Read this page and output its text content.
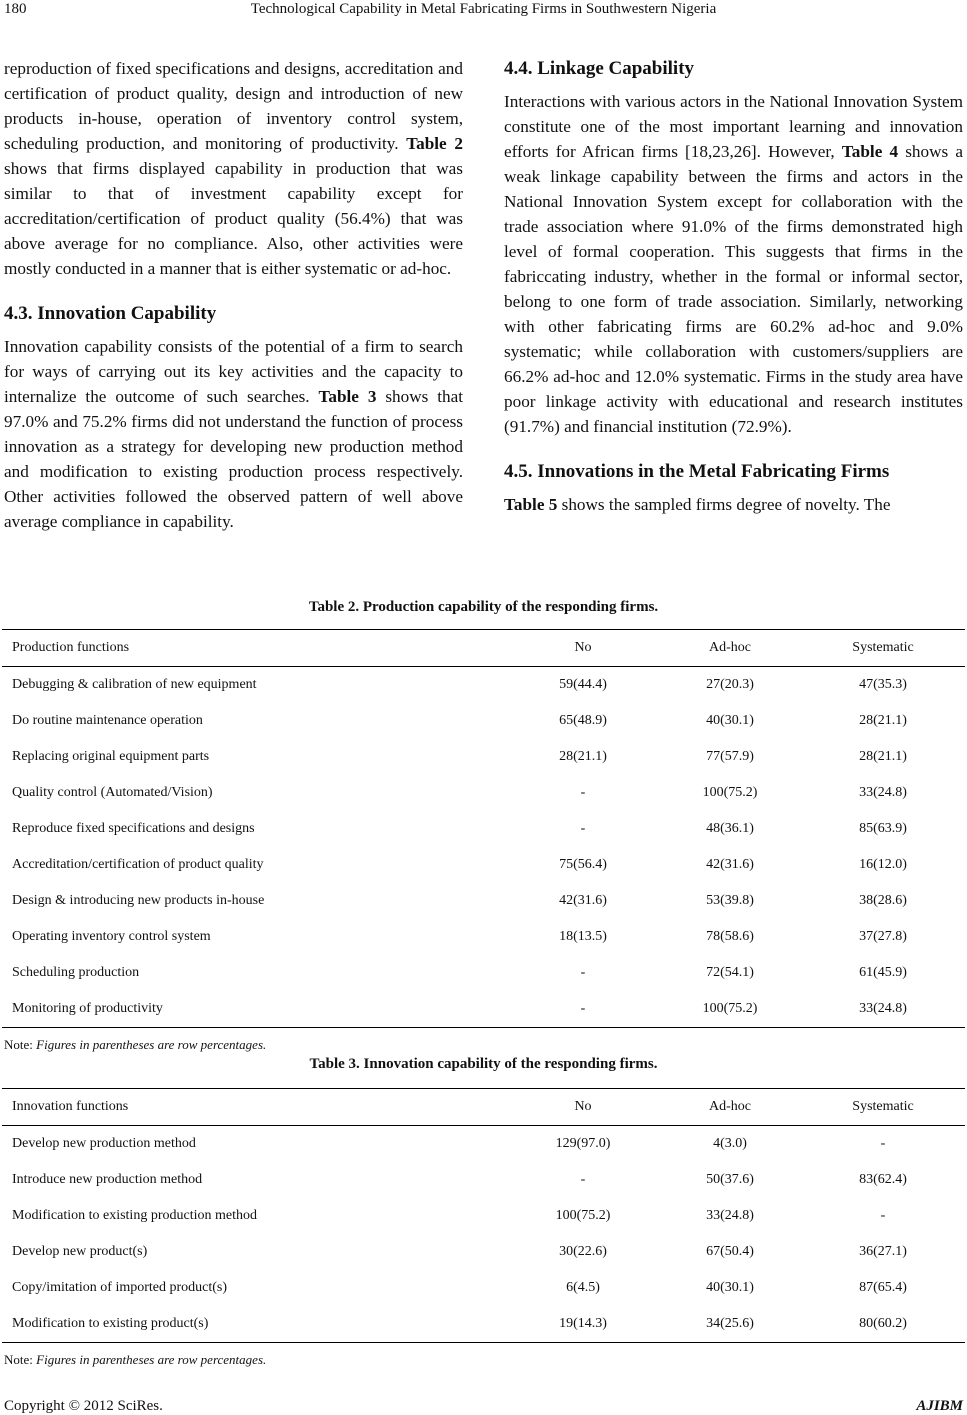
180	Technological Capability in Metal Fabricating Firms in Southwestern Nigeria

reproduction of fixed specifications and designs, accreditation and certification of product quality, design and introduction of new products in-house, operation of inventory control system, scheduling production, and monitoring of productivity. Table 2 shows that firms displayed capability in production that was similar to that of investment capability except for accreditation/certification of product quality (56.4%) that was above average for no compliance. Also, other activities were mostly conducted in a manner that is either systematic or ad-hoc.

4.3. Innovation Capability

Innovation capability consists of the potential of a firm to search for ways of carrying out its key activities and the capacity to internalize the outcome of such searches. Table 3 shows that 97.0% and 75.2% firms did not understand the function of process innovation as a strategy for developing new production method and modification to existing production process respectively. Other activities followed the observed pattern of well above average compliance in capability.

4.4. Linkage Capability

Interactions with various actors in the National Innovation System constitute one of the most important learning and innovation efforts for African firms [18,23,26]. However, Table 4 shows a weak linkage capability between the firms and actors in the National Innovation System except for collaboration with the trade association where 91.0% of the firms demonstrated high level of formal cooperation. This suggests that firms in the fabriccating industry, whether in the formal or informal sector, belong to one form of trade association. Similarly, networking with other fabricating firms are 60.2% ad-hoc and 9.0% systematic; while collaboration with customers/suppliers are 66.2% ad-hoc and 12.0% systematic. Firms in the study area have poor linkage activity with educational and research institutes (91.7%) and financial institution (72.9%).

4.5. Innovations in the Metal Fabricating Firms

Table 5 shows the sampled firms degree of novelty. The

Table 2. Production capability of the responding firms.
Production functions	No	Ad-hoc	Systematic
Debugging & calibration of new equipment	59(44.4)	27(20.3)	47(35.3)
Do routine maintenance operation	65(48.9)	40(30.1)	28(21.1)
Replacing original equipment parts	28(21.1)	77(57.9)	28(21.1)
Quality control (Automated/Vision)	-	100(75.2)	33(24.8)
Reproduce fixed specifications and designs	-	48(36.1)	85(63.9)
Accreditation/certification of product quality	75(56.4)	42(31.6)	16(12.0)
Design & introducing new products in-house	42(31.6)	53(39.8)	38(28.6)
Operating inventory control system	18(13.5)	78(58.6)	37(27.8)
Scheduling production	-	72(54.1)	61(45.9)
Monitoring of productivity	-	100(75.2)	33(24.8)
Note: Figures in parentheses are row percentages.
Table 3. Innovation capability of the responding firms.
Innovation functions	No	Ad-hoc	Systematic
Develop new production method	129(97.0)	4(3.0)	-
Introduce new production method	-	50(37.6)	83(62.4)
Modification to existing production method	100(75.2)	33(24.8)	-
Develop new product(s)	30(22.6)	67(50.4)	36(27.1)
Copy/imitation of imported product(s)	6(4.5)	40(30.1)	87(65.4)
Modification to existing product(s)	19(14.3)	34(25.6)	80(60.2)
Note: Figures in parentheses are row percentages.
Copyright © 2012 SciRes.	AJIBM
